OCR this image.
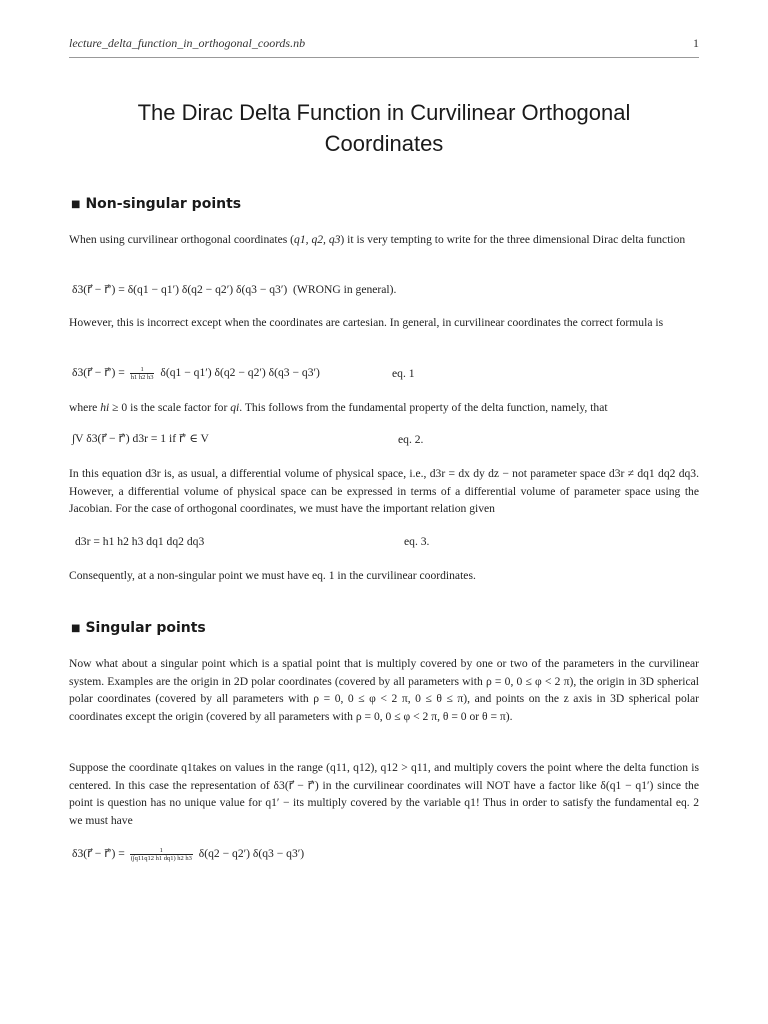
lecture_delta_function_in_orthogonal_coords.nb	1
The Dirac Delta Function in Curvilinear Orthogonal
Coordinates
■ Non-singular points
When using curvilinear orthogonal coordinates (q1, q2, q3) it is very tempting to write for the three dimensional Dirac delta function
δ3(r⃗ − r⃗′) = δ(q1 − q1′) δ(q2 − q2′) δ(q3 − q3′) (WRONG in general).
However, this is incorrect except when the coordinates are cartesian. In general, in curvilinear coordinates the correct formula is
δ3(r⃗ − r⃗′) = $\frac{1}{h1 h2 h3} \delta(q1 - q1') \delta(q2 - q2') \delta(q3 - q3')$	eq. 1
where hi ≥ 0 is the scale factor for qi. This follows from the fundamental property of the delta function, namely, that
∫V δ3(r⃗ − r⃗′) d3r = 1 if r⃗′ ∈ V	eq. 2.
In this equation d3r is, as usual, a differential volume of physical space, i.e., d3r = dx dy dz − not parameter space d3r ≠ dq1 dq2 dq3. However, a differential volume of physical space can be expressed in terms of a differential volume of parameter space using the Jacobian. For the case of orthogonal coordinates, we must have the important relation given
d3r = h1 h2 h3 dq1 dq2 dq3	eq. 3.
Consequently, at a non-singular point we must have eq. 1 in the curvilinear coordinates.
■ Singular points
Now what about a singular point which is a spatial point that is multiply covered by one or two of the parameters in the curvilinear system. Examples are the origin in 2D polar coordinates (covered by all parameters with ρ = 0, 0 ≤ φ < 2 π), the origin in 3D spherical polar coordinates (covered by all parameters with ρ = 0, 0 ≤ φ < 2 π, 0 ≤ θ ≤ π), and points on the z axis in 3D spherical polar coordinates except the origin (covered by all parameters with ρ = 0, 0 ≤ φ < 2 π, θ = 0 or θ = π).
Suppose the coordinate q1takes on values in the range (q11, q12), q12 > q11, and multiply covers the point where the delta function is centered. In this case the representation of δ3(r⃗ − r⃗′) in the curvilinear coordinates will NOT have a factor like δ(q1 − q1′) since the point is question has no unique value for q1′ − its multiply covered by the variable q1! Thus in order to satisfy the fundamental eq. 2 we must have
δ3(r⃗ − r⃗′) = $\frac{1}{(\int q11q12 h1 dq1) h2 h3} \delta(q2 - q2') \delta(q3 - q3')$
